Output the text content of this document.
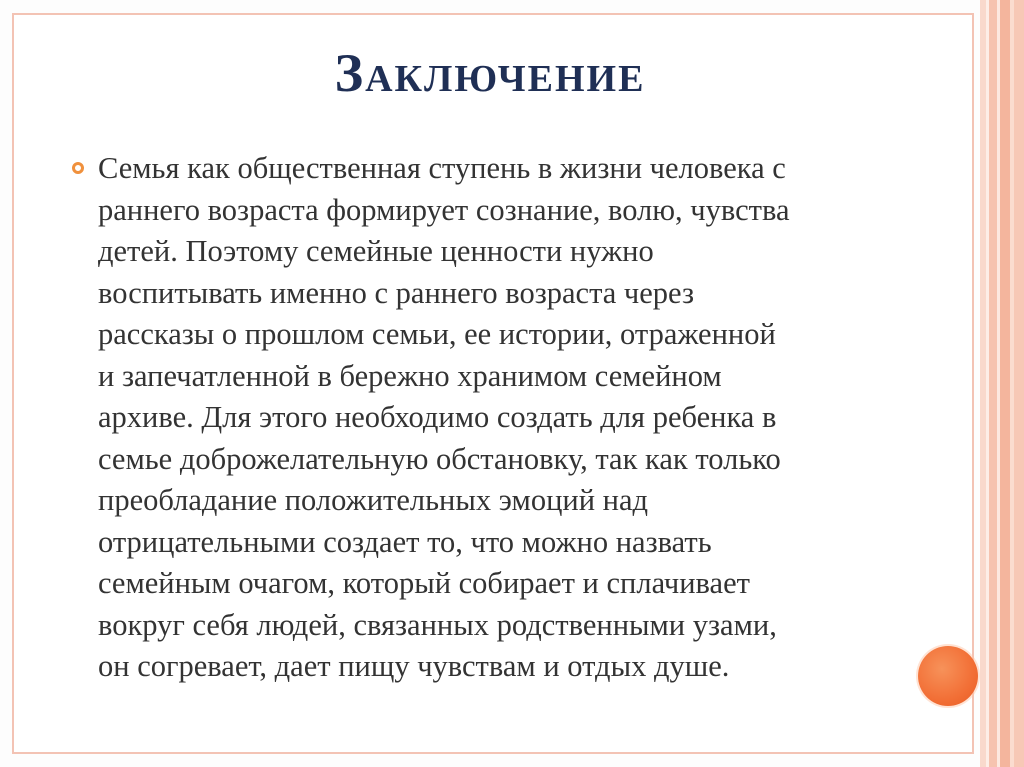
Заключение

Семья как общественная ступень в жизни человека с
раннего возраста формирует сознание, волю, чувства
детей. Поэтому семейные ценности нужно
воспитывать именно с раннего возраста через
рассказы о прошлом семьи, ее истории, отраженной
и запечатленной в бережно хранимом семейном
архиве. Для этого необходимо создать для ребенка в
семье доброжелательную обстановку, так как только
преобладание положительных эмоций над
отрицательными создает то, что можно назвать
семейным очагом, который собирает и сплачивает
вокруг себя людей, связанных родственными узами,
он согревает, дает пищу чувствам и отдых душе.
